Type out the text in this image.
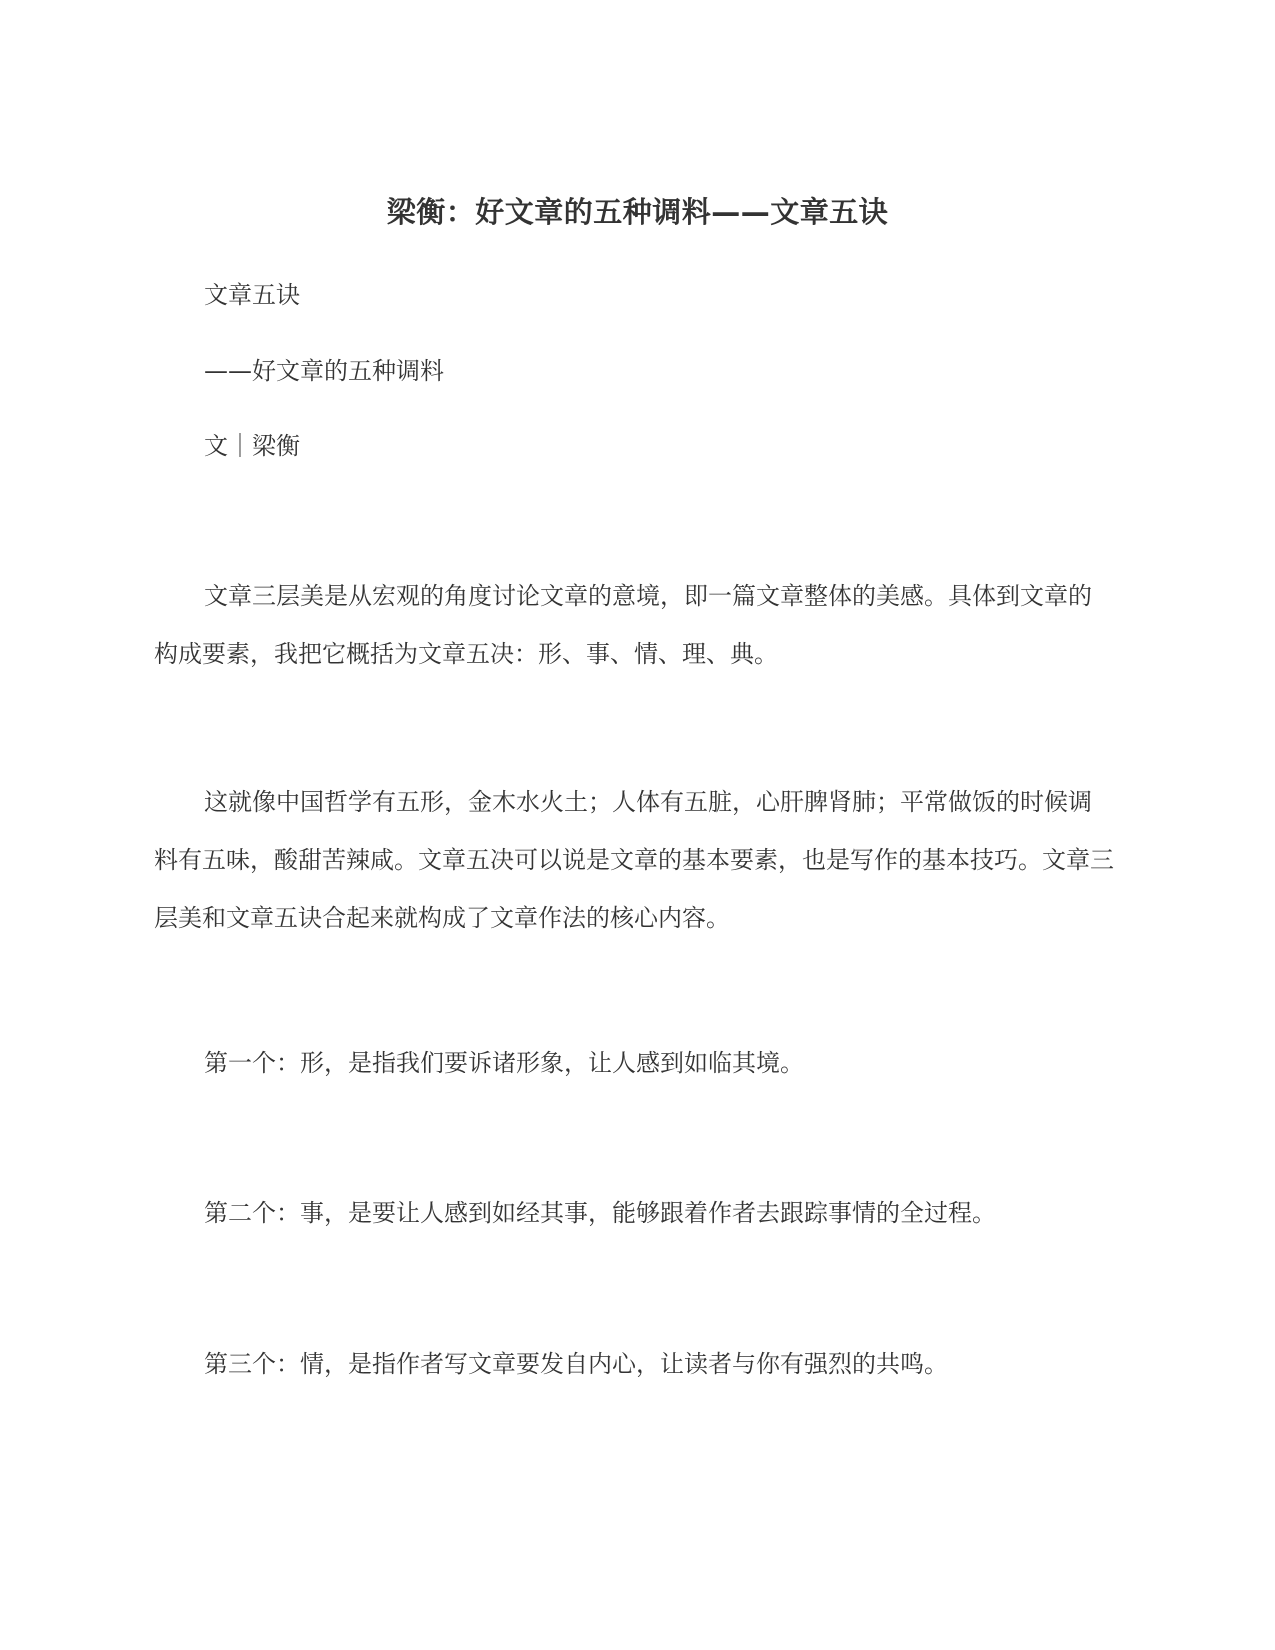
梁衡：好文章的五种调料——文章五诀

文章五诀

——好文章的五种调料

文｜梁衡

文章三层美是从宏观的角度讨论文章的意境，即一篇文章整体的美感。具体到文章的构成要素，我把它概括为文章五决：形、事、情、理、典。

这就像中国哲学有五形，金木水火土；人体有五脏，心肝脾肾肺；平常做饭的时候调料有五味，酸甜苦辣咸。文章五决可以说是文章的基本要素，也是写作的基本技巧。文章三层美和文章五诀合起来就构成了文章作法的核心内容。

第一个：形，是指我们要诉诸形象，让人感到如临其境。

第二个：事，是要让人感到如经其事，能够跟着作者去跟踪事情的全过程。

第三个：情，是指作者写文章要发自内心，让读者与你有强烈的共鸣。
